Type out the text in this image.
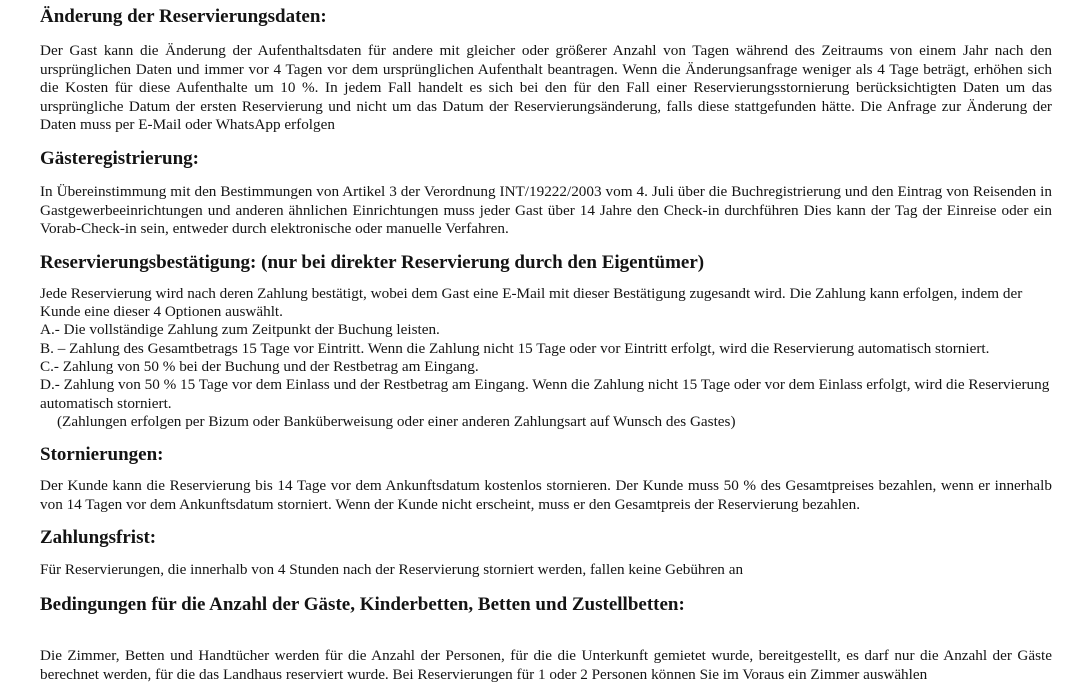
Änderung der Reservierungsdaten:

Der Gast kann die Änderung der Aufenthaltsdaten für andere mit gleicher oder größerer Anzahl von Tagen während des Zeitraums von einem Jahr nach den ursprünglichen Daten und immer vor 4 Tagen vor dem ursprünglichen Aufenthalt beantragen. Wenn die Änderungsanfrage weniger als 4 Tage beträgt, erhöhen sich die Kosten für diese Aufenthalte um 10 %. In jedem Fall handelt es sich bei den für den Fall einer Reservierungsstornierung berücksichtigten Daten um das ursprüngliche Datum der ersten Reservierung und nicht um das Datum der Reservierungsänderung, falls diese stattgefunden hätte. Die Anfrage zur Änderung der Daten muss per E-Mail oder WhatsApp erfolgen

Gästeregistrierung:

In Übereinstimmung mit den Bestimmungen von Artikel 3 der Verordnung INT/19222/2003 vom 4. Juli über die Buchregistrierung und den Eintrag von Reisenden in Gastgewerbeeinrichtungen und anderen ähnlichen Einrichtungen muss jeder Gast über 14 Jahre den Check-in durchführen Dies kann der Tag der Einreise oder ein Vorab-Check-in sein, entweder durch elektronische oder manuelle Verfahren.

Reservierungsbestätigung: (nur bei direkter Reservierung durch den Eigentümer)
Jede Reservierung wird nach deren Zahlung bestätigt, wobei dem Gast eine E-Mail mit dieser Bestätigung zugesandt wird. Die Zahlung kann erfolgen, indem der Kunde eine dieser 4 Optionen auswählt.
A.- Die vollständige Zahlung zum Zeitpunkt der Buchung leisten.
B. – Zahlung des Gesamtbetrags 15 Tage vor Eintritt. Wenn die Zahlung nicht 15 Tage oder vor Eintritt erfolgt, wird die Reservierung automatisch storniert.
C.- Zahlung von 50 % bei der Buchung und der Restbetrag am Eingang.
D.- Zahlung von 50 % 15 Tage vor dem Einlass und der Restbetrag am Eingang. Wenn die Zahlung nicht 15 Tage oder vor dem Einlass erfolgt, wird die Reservierung automatisch storniert.
(Zahlungen erfolgen per Bizum oder Banküberweisung oder einer anderen Zahlungsart auf Wunsch des Gastes)
Stornierungen:

Der Kunde kann die Reservierung bis 14 Tage vor dem Ankunftsdatum kostenlos stornieren. Der Kunde muss 50 % des Gesamtpreises bezahlen, wenn er innerhalb von 14 Tagen vor dem Ankunftsdatum storniert. Wenn der Kunde nicht erscheint, muss er den Gesamtpreis der Reservierung bezahlen.

Zahlungsfrist:

Für Reservierungen, die innerhalb von 4 Stunden nach der Reservierung storniert werden, fallen keine Gebühren an

Bedingungen für die Anzahl der Gäste, Kinderbetten, Betten und Zustellbetten:

Die Zimmer, Betten und Handtücher werden für die Anzahl der Personen, für die die Unterkunft gemietet wurde, bereitgestellt, es darf nur die Anzahl der Gäste berechnet werden, für die das Landhaus reserviert wurde. Bei Reservierungen für 1 oder 2 Personen können Sie im Voraus ein Zimmer auswählen
